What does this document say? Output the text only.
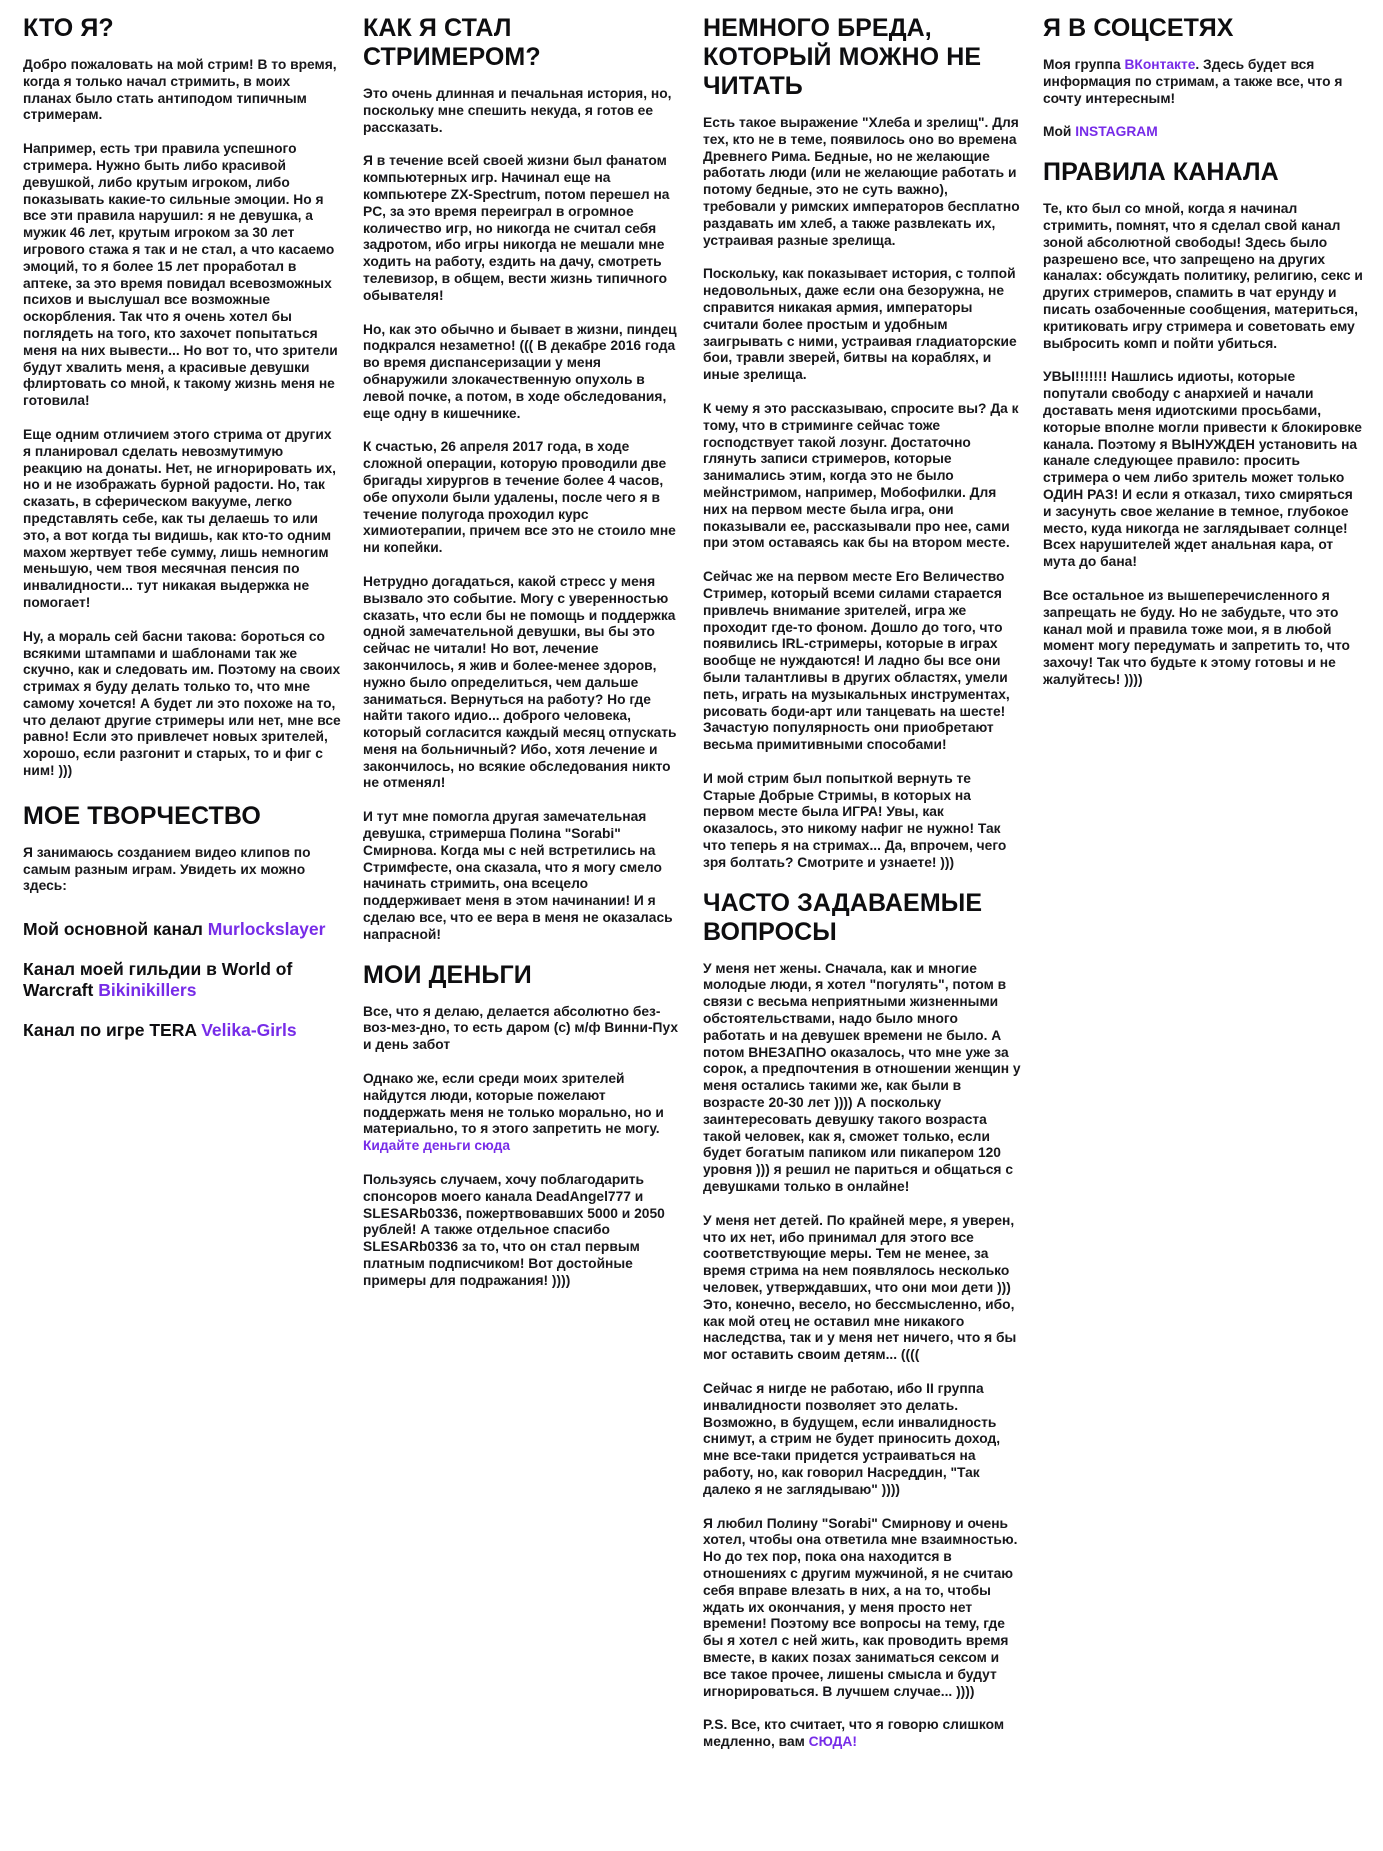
КТО Я?

Добро пожаловать на мой стрим! В то время, когда я только начал стримить, в моих планах было стать антиподом типичным стримерам.

Например, есть три правила успешного стримера. Нужно быть либо красивой девушкой, либо крутым игроком, либо показывать какие-то сильные эмоции. Но я все эти правила нарушил: я не девушка, а мужик 46 лет, крутым игроком за 30 лет игрового стажа я так и не стал, а что касаемо эмоций, то я более 15 лет проработал в аптеке, за это время повидал всевозможных психов и выслушал все возможные оскорбления. Так что я очень хотел бы поглядеть на того, кто захочет попытаться меня на них вывести... Но вот то, что зрители будут хвалить меня, а красивые девушки флиртовать со мной, к такому жизнь меня не готовила!

Еще одним отличием этого стрима от других я планировал сделать невозмутимую реакцию на донаты. Нет, не игнорировать их, но и не изображать бурной радости. Но, так сказать, в сферическом вакууме, легко представлять себе, как ты делаешь то или это, а вот когда ты видишь, как кто-то одним махом жертвует тебе сумму, лишь немногим меньшую, чем твоя месячная пенсия по инвалидности... тут никакая выдержка не помогает!

Ну, а мораль сей басни такова: бороться со всякими штампами и шаблонами так же скучно, как и следовать им. Поэтому на своих стримах я буду делать только то, что мне самому хочется! А будет ли это похоже на то, что делают другие стримеры или нет, мне все равно! Если это привлечет новых зрителей, хорошо, если разгонит и старых, то и фиг с ним! )))

МОЕ ТВОРЧЕСТВО

Я занимаюсь созданием видео клипов по самым разным играм. Увидеть их можно здесь:

Мой основной канал Murlockslayer
Канал моей гильдии в World of Warcraft Bikinikillers
Канал по игре TERA Velika-Girls
КАК Я СТАЛ СТРИМЕРОМ?

Это очень длинная и печальная история, но, поскольку мне спешить некуда, я готов ее рассказать.

Я в течение всей своей жизни был фанатом компьютерных игр. Начинал еще на компьютере ZX-Spectrum, потом перешел на PC, за это время переиграл в огромное количество игр, но никогда не считал себя задротом, ибо игры никогда не мешали мне ходить на работу, ездить на дачу, смотреть телевизор, в общем, вести жизнь типичного обывателя!

Но, как это обычно и бывает в жизни, пиндец подкрался незаметно! ((( В декабре 2016 года во время диспансеризации у меня обнаружили злокачественную опухоль в левой почке, а потом, в ходе обследования, еще одну в кишечнике.

К счастью, 26 апреля 2017 года, в ходе сложной операции, которую проводили две бригады хирургов в течение более 4 часов, обе опухоли были удалены, после чего я в течение полугода проходил курс химиотерапии, причем все это не стоило мне ни копейки.

Нетрудно догадаться, какой стресс у меня вызвало это событие. Могу с уверенностью сказать, что если бы не помощь и поддержка одной замечательной девушки, вы бы это сейчас не читали! Но вот, лечение закончилось, я жив и более-менее здоров, нужно было определиться, чем дальше заниматься. Вернуться на работу? Но где найти такого идио... доброго человека, который согласится каждый месяц отпускать меня на больничный? Ибо, хотя лечение и закончилось, но всякие обследования никто не отменял!

И тут мне помогла другая замечательная девушка, стримерша Полина "Sorabi" Смирнова. Когда мы с ней встретились на Стримфесте, она сказала, что я могу смело начинать стримить, она всецело поддерживает меня в этом начинании! И я сделаю все, что ее вера в меня не оказалась напрасной!

МОИ ДЕНЬГИ

Все, что я делаю, делается абсолютно без-воз-мез-дно, то есть даром (с) м/ф Винни-Пух и день забот

Однако же, если среди моих зрителей найдутся люди, которые пожелают поддержать меня не только морально, но и материально, то я этого запретить не могу. Кидайте деньги сюда

Пользуясь случаем, хочу поблагодарить спонсоров моего канала DeadAngel777 и SLESARb0336, пожертвовавших 5000 и 2050 рублей! А также отдельное спасибо SLESARb0336 за то, что он стал первым платным подписчиком! Вот достойные примеры для подражания! ))))

НЕМНОГО БРЕДА, КОТОРЫЙ МОЖНО НЕ ЧИТАТЬ

Есть такое выражение "Хлеба и зрелищ". Для тех, кто не в теме, появилось оно во времена Древнего Рима. Бедные, но не желающие работать люди (или не желающие работать и потому бедные, это не суть важно), требовали у римских императоров бесплатно раздавать им хлеб, а также развлекать их, устраивая разные зрелища.

Поскольку, как показывает история, с толпой недовольных, даже если она безоружна, не справится никакая армия, императоры считали более простым и удобным заигрывать с ними, устраивая гладиаторские бои, травли зверей, битвы на кораблях, и иные зрелища.

К чему я это рассказываю, спросите вы? Да к тому, что в стриминге сейчас тоже господствует такой лозунг. Достаточно глянуть записи стримеров, которые занимались этим, когда это не было мейнстримом, например, Мобофилки. Для них на первом месте была игра, они показывали ее, рассказывали про нее, сами при этом оставаясь как бы на втором месте.

Сейчас же на первом месте Его Величество Стример, который всеми силами старается привлечь внимание зрителей, игра же проходит где-то фоном. Дошло до того, что появились IRL-стримеры, которые в играх вообще не нуждаются! И ладно бы все они были талантливы в других областях, умели петь, играть на музыкальных инструментах, рисовать боди-арт или танцевать на шесте! Зачастую популярность они приобретают весьма примитивными способами!

И мой стрим был попыткой вернуть те Старые Добрые Стримы, в которых на первом месте была ИГРА! Увы, как оказалось, это никому нафиг не нужно! Так что теперь я на стримах... Да, впрочем, чего зря болтать? Смотрите и узнаете! )))

ЧАСТО ЗАДАВАЕМЫЕ ВОПРОСЫ

У меня нет жены. Сначала, как и многие молодые люди, я хотел "погулять", потом в связи с весьма неприятными жизненными обстоятельствами, надо было много работать и на девушек времени не было. А потом ВНЕЗАПНО оказалось, что мне уже за сорок, а предпочтения в отношении женщин у меня остались такими же, как были в возрасте 20-30 лет )))) А поскольку заинтересовать девушку такого возраста такой человек, как я, сможет только, если будет богатым папиком или пикапером 120 уровня ))) я решил не париться и общаться с девушками только в онлайне!

У меня нет детей. По крайней мере, я уверен, что их нет, ибо принимал для этого все соответствующие меры. Тем не менее, за время стрима на нем появлялось несколько человек, утверждавших, что они мои дети ))) Это, конечно, весело, но бессмысленно, ибо, как мой отец не оставил мне никакого наследства, так и у меня нет ничего, что я бы мог оставить своим детям... ((((

Сейчас я нигде не работаю, ибо II группа инвалидности позволяет это делать. Возможно, в будущем, если инвалидность снимут, а стрим не будет приносить доход, мне все-таки придется устраиваться на работу, но, как говорил Насреддин, "Так далеко я не заглядываю" ))))

Я любил Полину "Sorabi" Смирнову и очень хотел, чтобы она ответила мне взаимностью. Но до тех пор, пока она находится в отношениях с другим мужчиной, я не считаю себя вправе влезать в них, а на то, чтобы ждать их окончания, у меня просто нет времени! Поэтому все вопросы на тему, где бы я хотел с ней жить, как проводить время вместе, в каких позах заниматься сексом и все такое прочее, лишены смысла и будут игнорироваться. В лучшем случае... ))))

P.S. Все, кто считает, что я говорю слишком медленно, вам СЮДА!

Я В СОЦСЕТЯХ

Моя группа ВКонтакте. Здесь будет вся информация по стримам, а также все, что я сочту интересным!

Мой INSTAGRAM

ПРАВИЛА КАНАЛА

Те, кто был со мной, когда я начинал стримить, помнят, что я сделал свой канал зоной абсолютной свободы! Здесь было разрешено все, что запрещено на других каналах: обсуждать политику, религию, секс и других стримеров, спамить в чат ерунду и писать озабоченные сообщения, материться, критиковать игру стримера и советовать ему выбросить комп и пойти убиться.

УВЫ!!!!!!! Нашлись идиоты, которые попутали свободу с анархией и начали доставать меня идиотскими просьбами, которые вполне могли привести к блокировке канала. Поэтому я ВЫНУЖДЕН установить на канале следующее правило: просить стримера о чем либо зритель может только ОДИН РАЗ! И если я отказал, тихо смиряться и засунуть свое желание в темное, глубокое место, куда никогда не заглядывает солнце! Всех нарушителей ждет анальная кара, от мута до бана!

Все остальное из вышеперечисленного я запрещать не буду. Но не забудьте, что это канал мой и правила тоже мои, я в любой момент могу передумать и запретить то, что захочу! Так что будьте к этому готовы и не жалуйтесь! ))))
